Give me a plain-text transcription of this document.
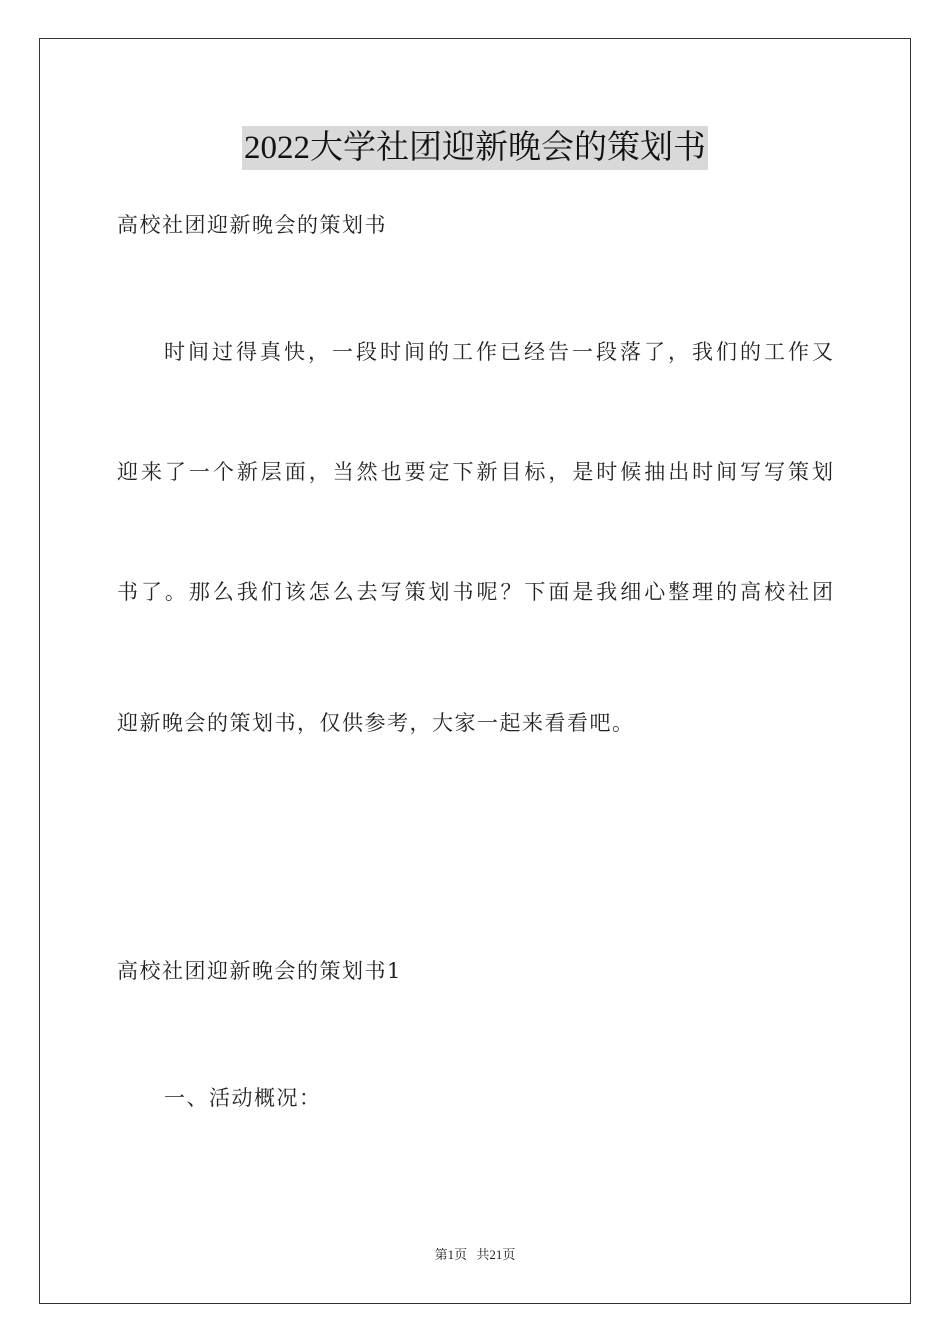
2022大学社团迎新晚会的策划书
高校社团迎新晚会的策划书
时间过得真快，一段时间的工作已经告一段落了，我们的工作又
迎来了一个新层面，当然也要定下新目标，是时候抽出时间写写策划
书了。那么我们该怎么去写策划书呢？下面是我细心整理的高校社团
迎新晚会的策划书，仅供参考，大家一起来看看吧。
高校社团迎新晚会的策划书1
一、活动概况：
第1页 共21页
